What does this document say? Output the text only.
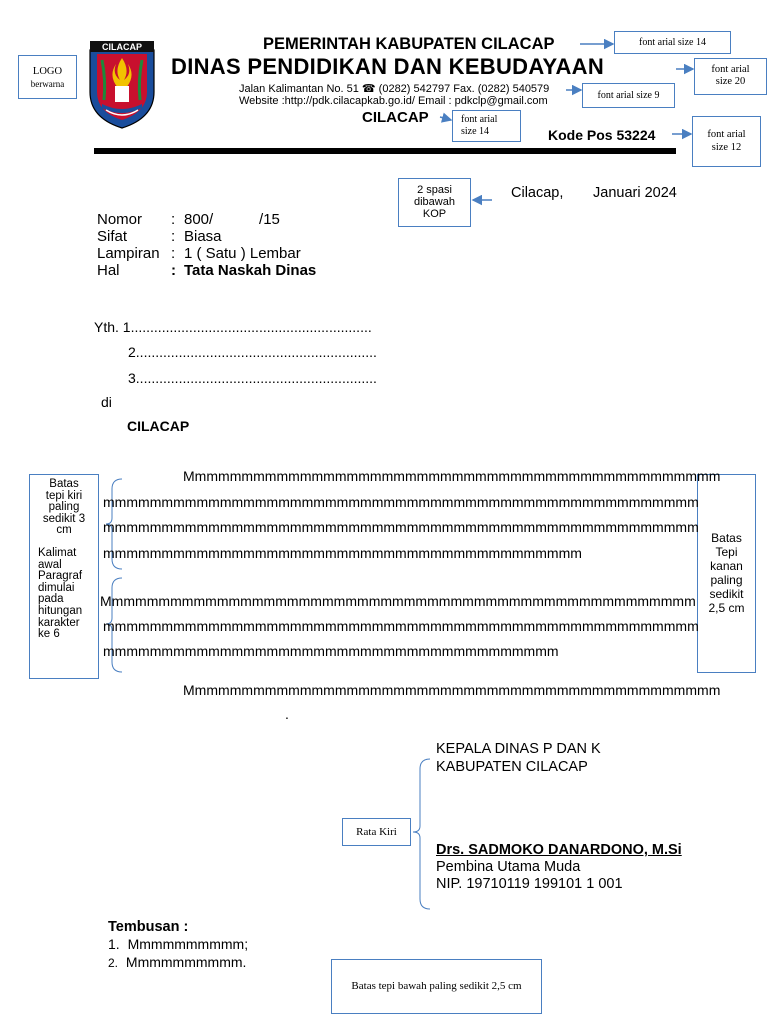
CILACAP	PEMERINTAH KABUPATEN CILACAP
DINAS PENDIDIKAN DAN KEBUDAYAAN
Jalan Kalimantan No. 51 ☎ (0282) 542797 Fax. (0282) 540579
Website :http://pdk.cilacapkab.go.id/ Email : pdkclp@gmail.com
CILACAP
Kode Pos 53224
LOGO
berwarna
font arial size 14
font arial
size 20
font arial size 9
font arial
size 14	font arial
size 12
2 spasi
dibawah
KOP
Batas
tepi kiri
paling
sedikit 3
cm
Kalimat
awal
Paragraf
dimulai
pada
hitungan
karakter
ke 6
Batas
Tepi
kanan
paling
sedikit
2,5 cm
Rata Kiri
Batas tepi bawah paling sedikit 2,5 cm
Cilacap, Januari 2024
Nomor : 800/           /15
Sifat	: Biasa
Lampiran : 1 ( Satu ) Lembar
Hal	: Tata Naskah Dinas
Yth. 1..............................................................
2..............................................................
3..............................................................
di
CILACAP
Mmmmmmmmmmmmmmmmmmmmmmmmmmmmmmmmmmmmmmmmmmmmmm
mmmmmmmmmmmmmmmmmmmmmmmmmmmmmmmmmmmmmmmmmmmmmmmmmmm
mmmmmmmmmmmmmmmmmmmmmmmmmmmmmmmmmmmmmmmmmmmmmmmmmmm
mmmmmmmmmmmmmmmmmmmmmmmmmmmmmmmmmmmmmmmmm
Mmmmmmmmmmmmmmmmmmmmmmmmmmmmmmmmmmmmmmmmmmmmmmmmmmm
mmmmmmmmmmmmmmmmmmmmmmmmmmmmmmmmmmmmmmmmmmmmmmmmmmm
mmmmmmmmmmmmmmmmmmmmmmmmmmmmmmmmmmmmmmm
Mmmmmmmmmmmmmmmmmmmmmmmmmmmmmmmmmmmmmmmmmmmmmm
.
KEPALA DINAS P DAN K
KABUPATEN CILACAP
Drs. SADMOKO DANARDONO, M.Si
Pembina Utama Muda
NIP. 19710119 199101 1 001
Tembusan :
1. Mmmmmmmmmm;
2. Mmmmmmmmmm.
